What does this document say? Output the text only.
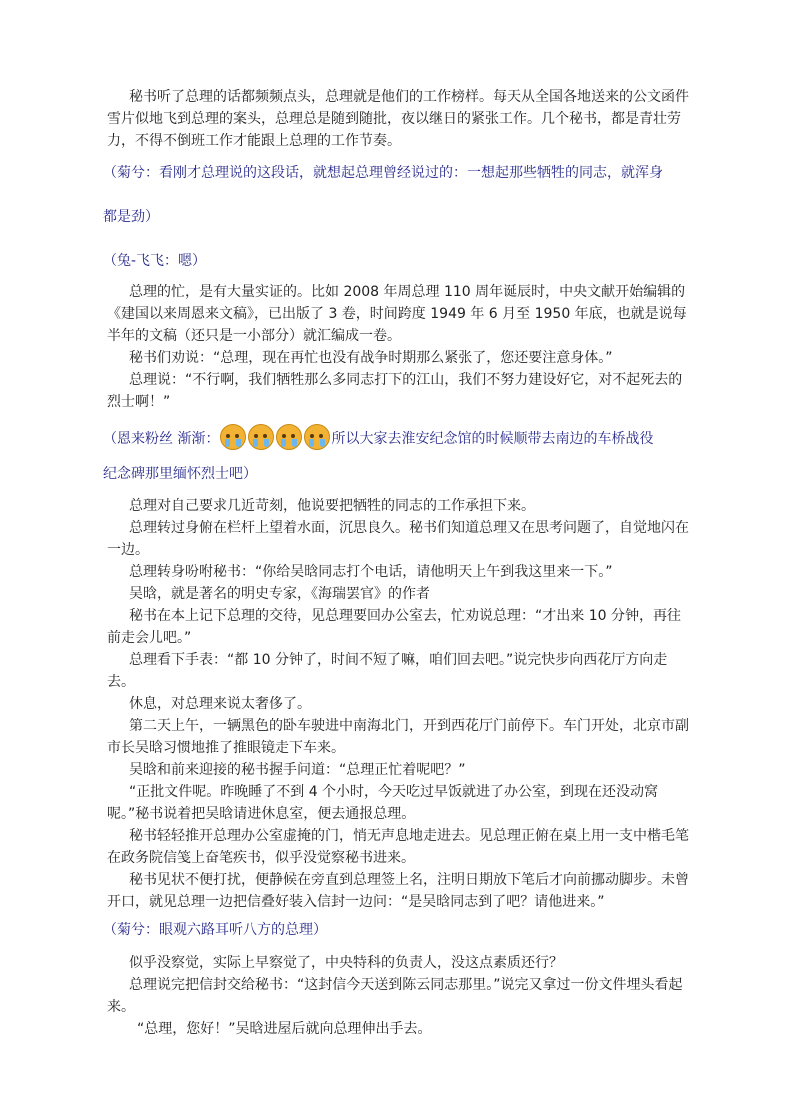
秘书听了总理的话都频频点头，总理就是他们的工作榜样。每天从全国各地送来的公文函件雪片似地飞到总理的案头，总理总是随到随批，夜以继日的紧张工作。几个秘书，都是青壮劳力，不得不倒班工作才能跟上总理的工作节奏。

（菊兮：看刚才总理说的这段话，就想起总理曾经说过的：一想起那些牺牲的同志，就浑身

都是劲）

（兔-飞飞：嗯）

总理的忙，是有大量实证的。比如 2008 年周总理 110 周年诞辰时，中央文献开始编辑的《建国以来周恩来文稿》，已出版了 3 卷，时间跨度 1949 年 6 月至 1950 年底，也就是说每半年的文稿（还只是一小部分）就汇编成一卷。

秘书们劝说：“总理，现在再忙也没有战争时期那么紧张了，您还要注意身体。”

总理说：“不行啊，我们牺牲那么多同志打下的江山，我们不努力建设好它，对不起死去的烈士啊！”

（恩来粉丝 渐渐：	所以大家去淮安纪念馆的时候顺带去南边的车桥战役

纪念碑那里缅怀烈士吧）

总理对自己要求几近苛刻，他说要把牺牲的同志的工作承担下来。

总理转过身俯在栏杆上望着水面，沉思良久。秘书们知道总理又在思考问题了，自觉地闪在一边。

总理转身吩咐秘书：“你给吴晗同志打个电话，请他明天上午到我这里来一下。”

吴晗，就是著名的明史专家，《海瑞罢官》的作者

秘书在本上记下总理的交待，见总理要回办公室去，忙劝说总理：“才出来 10 分钟，再往前走会儿吧。”

总理看下手表：“都 10 分钟了，时间不短了嘛，咱们回去吧。”说完快步向西花厅方向走去。

休息，对总理来说太奢侈了。

第二天上午，一辆黑色的卧车驶进中南海北门，开到西花厅门前停下。车门开处，北京市副市长吴晗习惯地推了推眼镜走下车来。

吴晗和前来迎接的秘书握手问道：“总理正忙着呢吧？”

“正批文件呢。昨晚睡了不到 4 个小时，今天吃过早饭就进了办公室，到现在还没动窝呢。”秘书说着把吴晗请进休息室，便去通报总理。

秘书轻轻推开总理办公室虚掩的门，悄无声息地走进去。见总理正俯在桌上用一支中楷毛笔在政务院信笺上奋笔疾书，似乎没觉察秘书进来。

秘书见状不便打扰，便静候在旁直到总理签上名，注明日期放下笔后才向前挪动脚步。未曾开口，就见总理一边把信叠好装入信封一边问：“是吴晗同志到了吧？请他进来。”

（菊兮：眼观六路耳听八方的总理）

似乎没察觉，实际上早察觉了，中央特科的负责人，没这点素质还行？

总理说完把信封交给秘书：“这封信今天送到陈云同志那里。”说完又拿过一份文件埋头看起来。

“总理，您好！”吴晗进屋后就向总理伸出手去。
